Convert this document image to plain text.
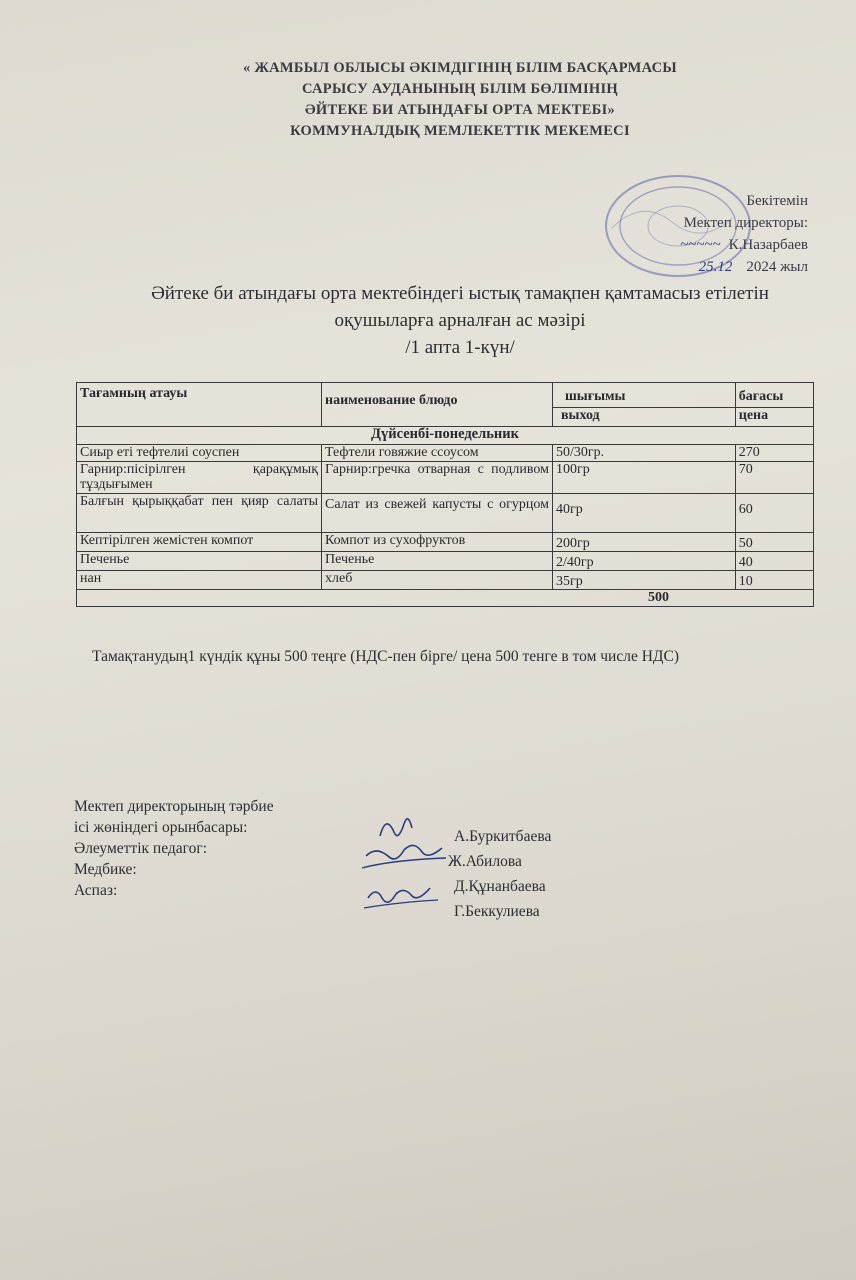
« ЖАМБЫЛ ОБЛЫСЫ ӘКІМДІГІНІҢ БІЛІМ БАСҚАРМАСЫ
САРЫСУ АУДАНЫНЫҢ БІЛІМ БӨЛІМІНІҢ
ӘЙТЕКЕ БИ АТЫНДАҒЫ ОРТА МЕКТЕБІ»
КОММУНАЛДЫҚ МЕМЛЕКЕТТІК МЕКЕМЕСІ
Бекітемін
Мектеп директоры:
~~~~~ К.Назарбаев
25.12 2024 жыл
Әйтеке би атындағы орта мектебіндегі ыстық тамақпен қамтамасыз етілетін
оқушыларға арналған ас мәзірі
/1 апта 1-күн/
Тағамның атауы	наименование блюдо	шығымы	бағасы
		выход	цена
Дүйсенбі-понедельник			
Сиыр еті тефтелиі соуспен	Тефтели говяжие ссоусом	50/30гр.	270
Гарнир:пісірілген қарақұмық тұздығымен	Гарнир:гречка отварная с подливом	100гр	70
Балғын қырыққабат пен қияр салаты	Салат из свежей капусты с огурцом	40гр	60
Кептірілген жемістен компот	Компот из сухофруктов	200гр	50
Печенье	Печенье	2/40гр	40
нан	хлеб	35гр	10
500			
Тамақтанудың1 күндік құны 500 теңге (НДС-пен бірге/ цена 500 тенге в том числе НДС)
Мектеп директорының тәрбие
ісі жөніндегі орынбасары:
Әлеуметтік педагог:
Медбике:
Аспаз:
А.Буркитбаева
Ж.Абилова
Д.Құнанбаева
Г.Беккулиева
